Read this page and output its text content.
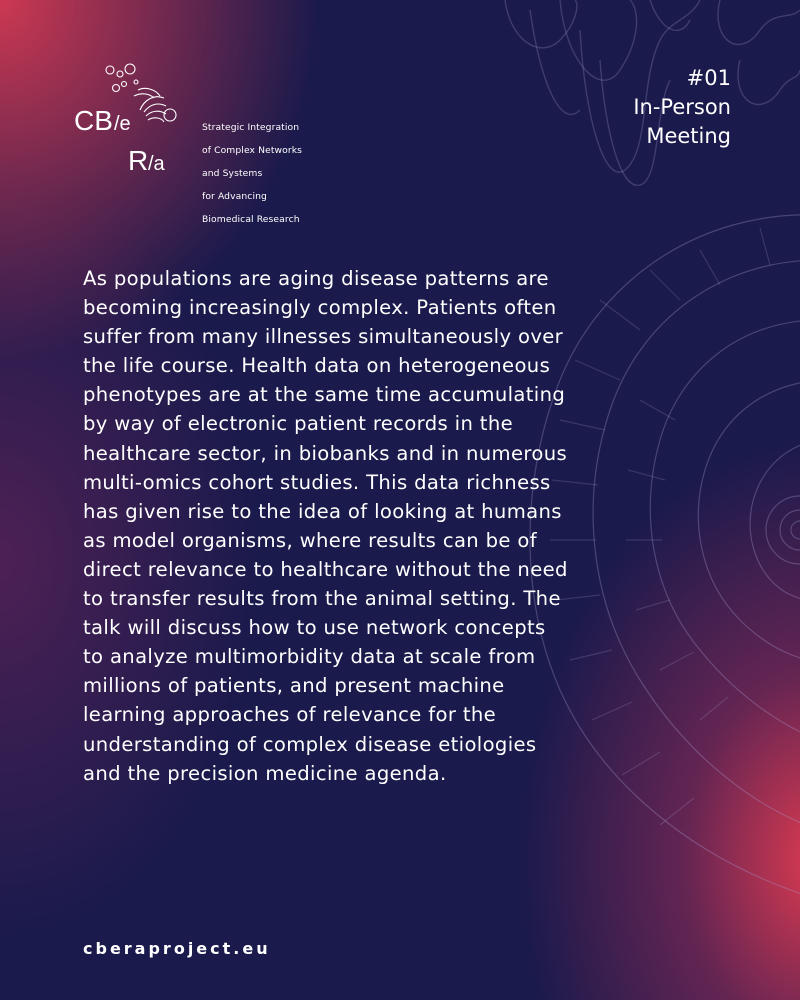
CB /e
R /a

Strategic Integration

of Complex Networks

and Systems

for Advancing

Biomedical Research

#01
In-Person
Meeting
As populations are aging disease patterns are
becoming increasingly complex. Patients often
suffer from many illnesses simultaneously over
the life course. Health data on heterogeneous
phenotypes are at the same time accumulating
by way of electronic patient records in the
healthcare sector, in biobanks and in numerous
multi-omics cohort studies. This data richness
has given rise to the idea of looking at humans
as model organisms, where results can be of
direct relevance to healthcare without the need
to transfer results from the animal setting. The
talk will discuss how to use network concepts
to analyze multimorbidity data at scale from
millions of patients, and present machine
learning approaches of relevance for the
understanding of complex disease etiologies
and the precision medicine agenda.
cberaproject.eu
